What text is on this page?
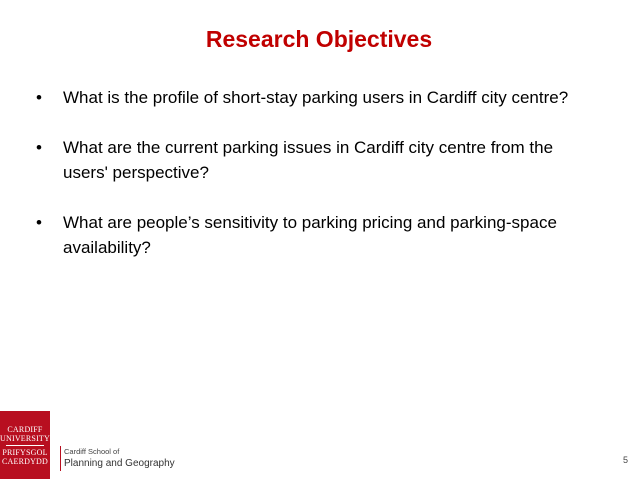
Research Objectives
• What is the profile of short-stay parking users in Cardiff city centre?
• What are the current parking issues in Cardiff city centre from the users' perspective?
• What are people’s sensitivity to parking pricing and parking-space availability?
CARDIFF
UNIVERSITY
PRIFYSGOL
CAERDYDD
Cardiff School of
Planning and Geography	5
